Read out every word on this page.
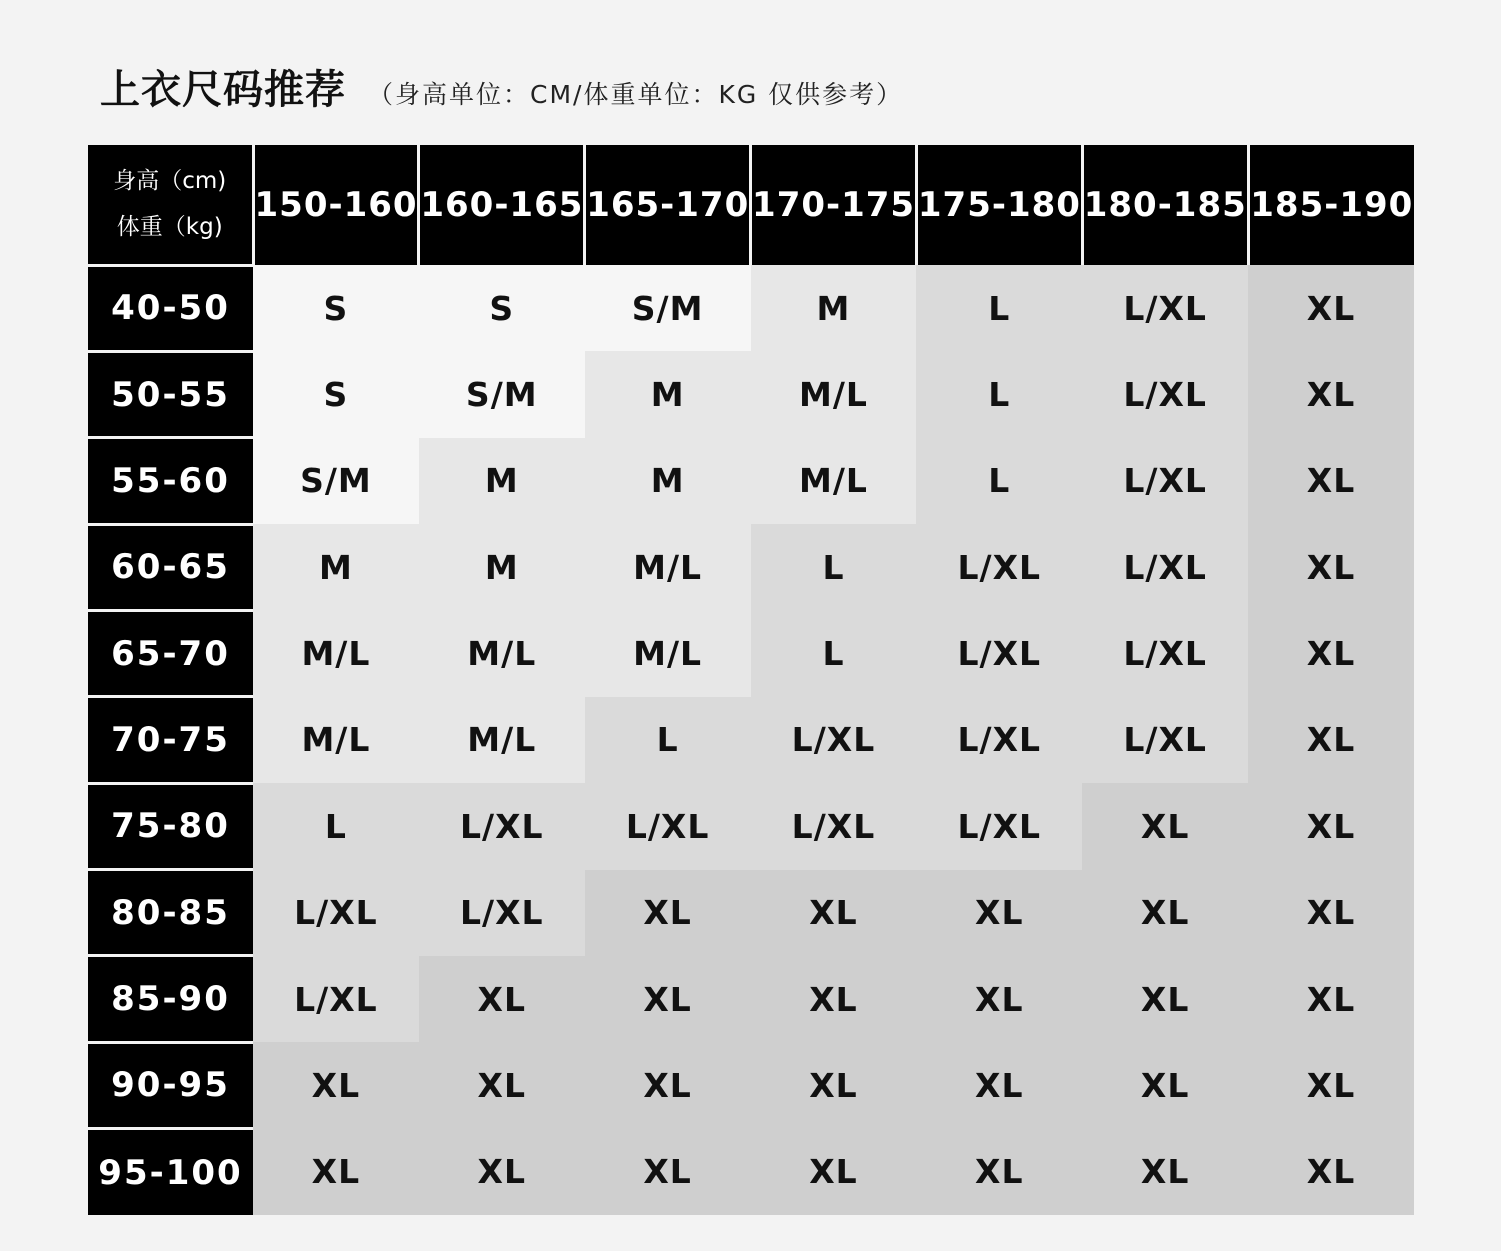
上衣尺码推荐 （身高单位：CM/体重单位：KG 仅供参考）
身高（cm)
体重（kg)	150-160	160-165	165-170	170-175	175-180	180-185	185-190
40-50	S	S	S/M	M	L	L/XL	XL
50-55	S	S/M	M	M/L	L	L/XL	XL
55-60	S/M	M	M	M/L	L	L/XL	XL
60-65	M	M	M/L	L	L/XL	L/XL	XL
65-70	M/L	M/L	M/L	L	L/XL	L/XL	XL
70-75	M/L	M/L	L	L/XL	L/XL	L/XL	XL
75-80	L	L/XL	L/XL	L/XL	L/XL	XL	XL
80-85	L/XL	L/XL	XL	XL	XL	XL	XL
85-90	L/XL	XL	XL	XL	XL	XL	XL
90-95	XL	XL	XL	XL	XL	XL	XL
95-100	XL	XL	XL	XL	XL	XL	XL
